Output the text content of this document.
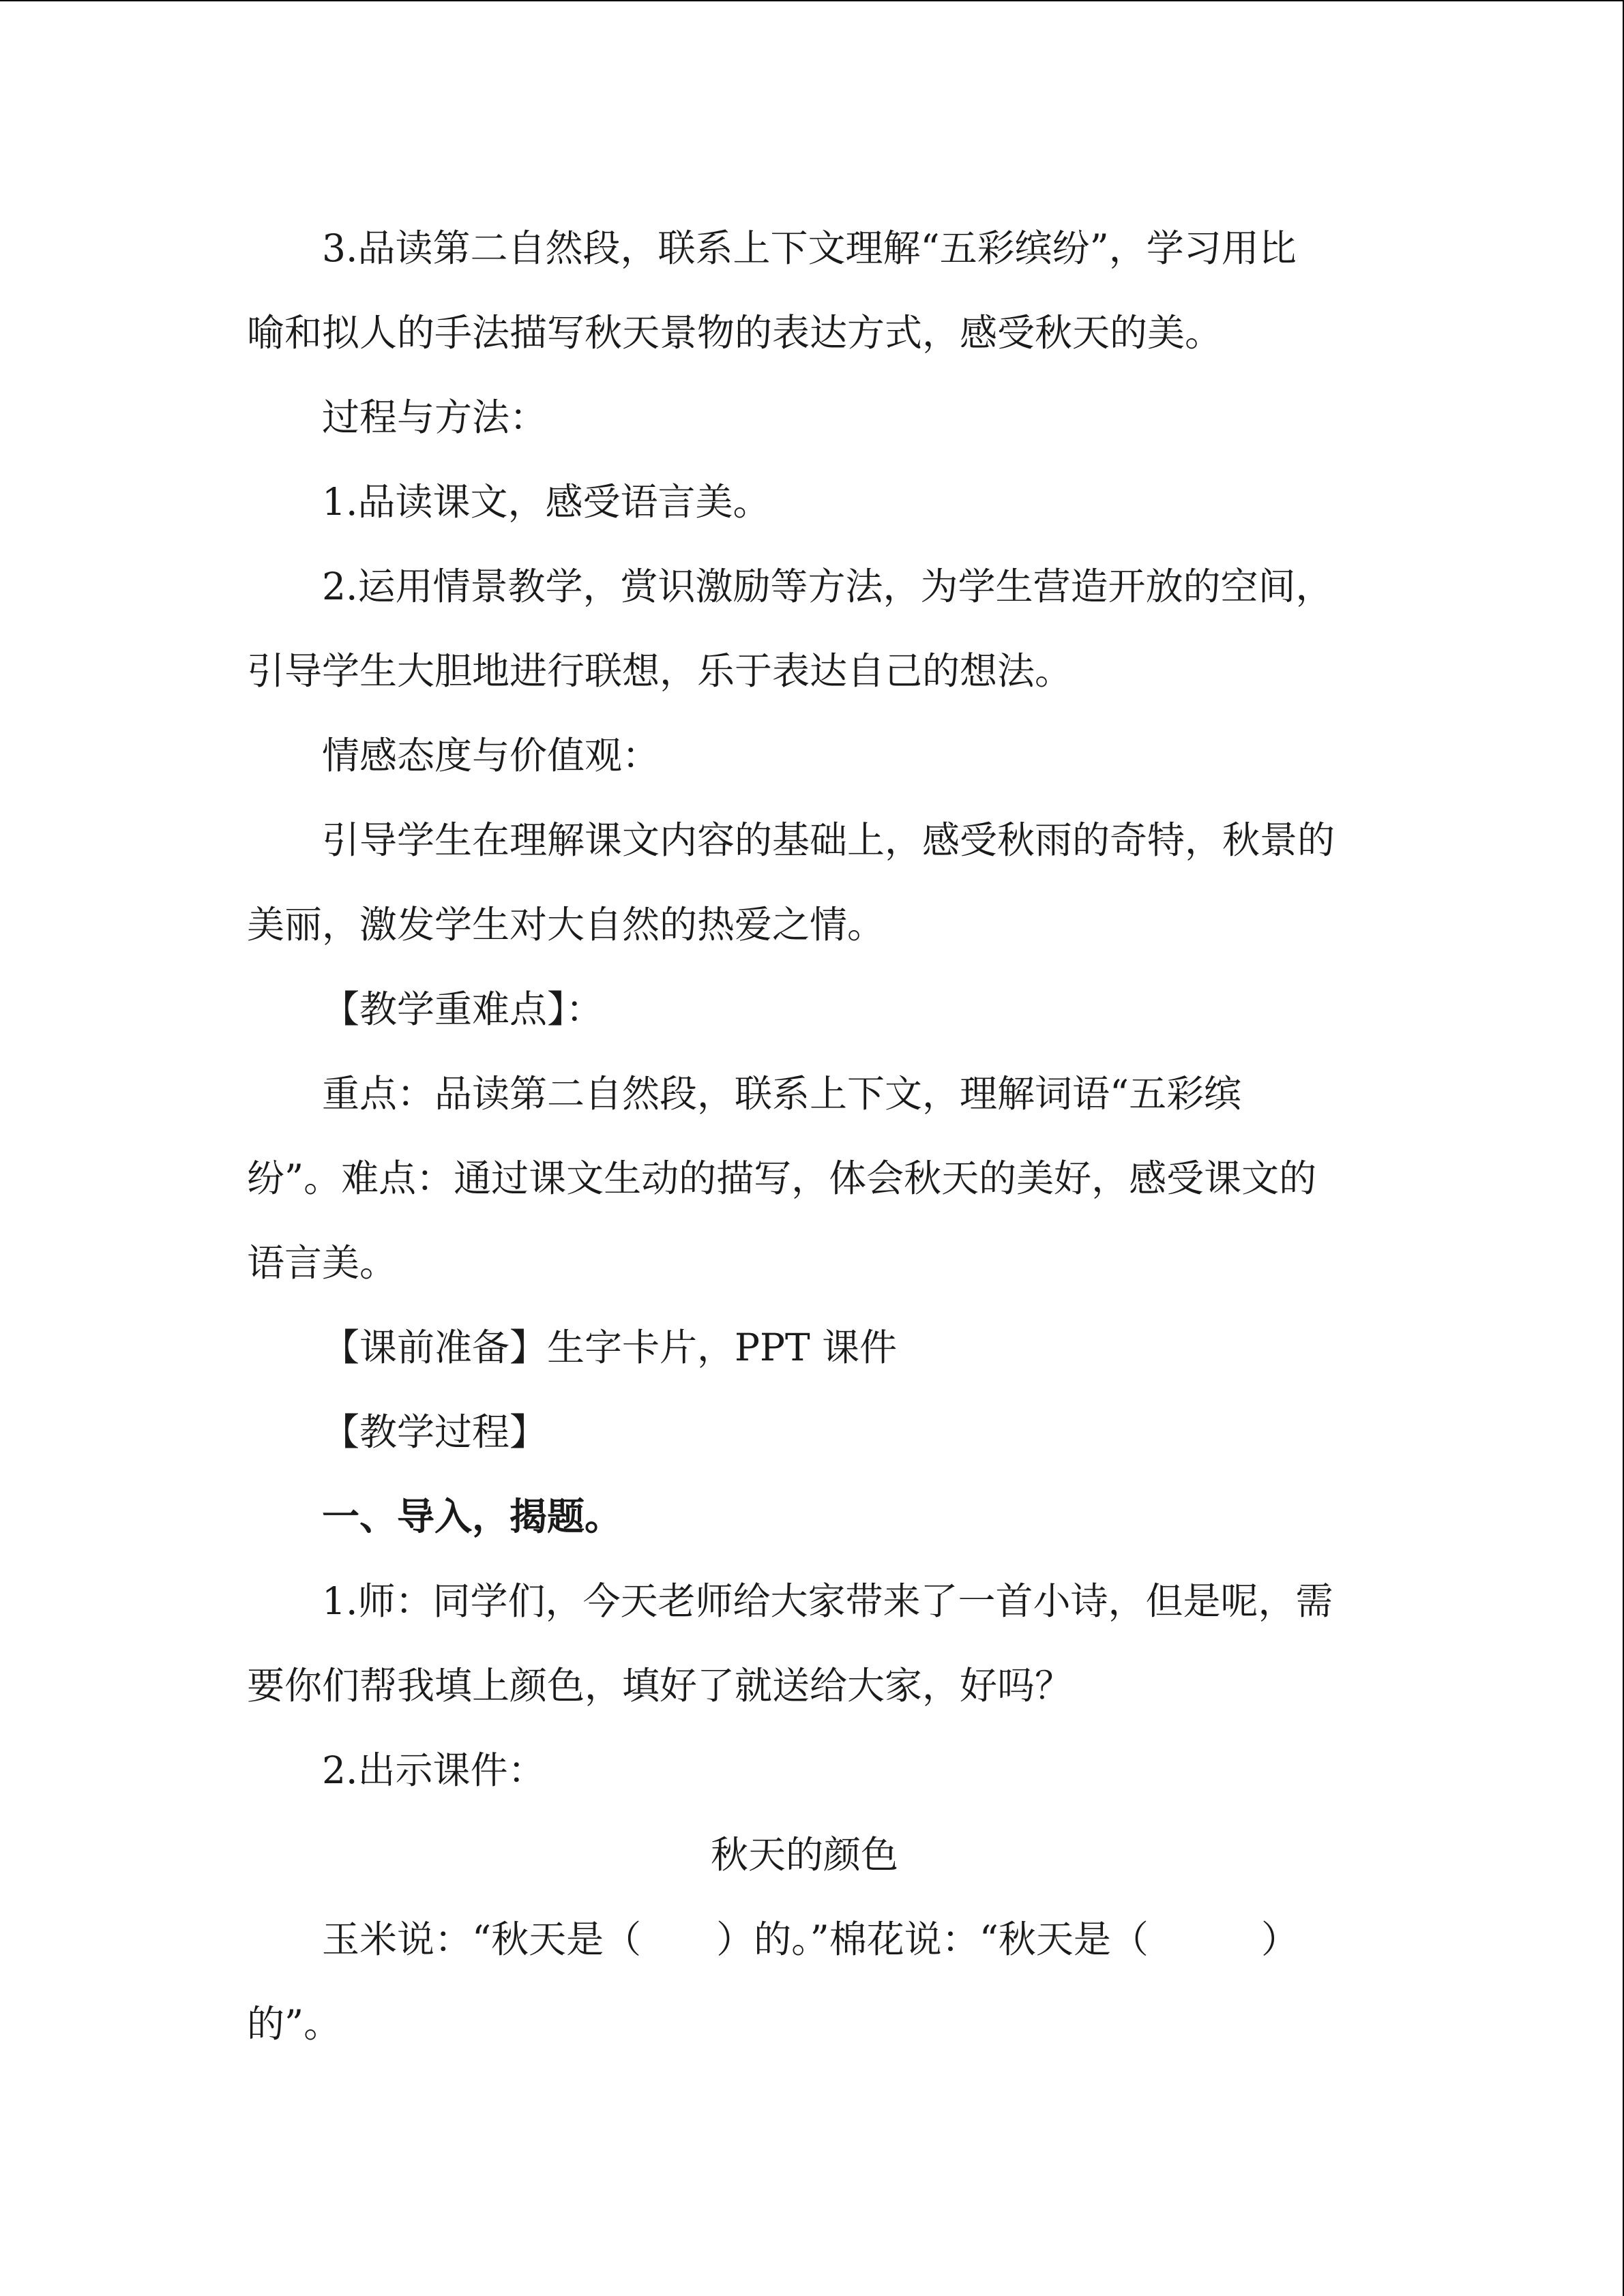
3.品读第二自然段，联系上下文理解“五彩缤纷”，学习用比

喻和拟人的手法描写秋天景物的表达方式，感受秋天的美。

过程与方法：

1.品读课文，感受语言美。

2.运用情景教学，赏识激励等方法，为学生营造开放的空间，

引导学生大胆地进行联想，乐于表达自己的想法。

情感态度与价值观：

引导学生在理解课文内容的基础上，感受秋雨的奇特，秋景的

美丽，激发学生对大自然的热爱之情。

【教学重难点】：

重点：品读第二自然段，联系上下文，理解词语“五彩缤

纷”。难点：通过课文生动的描写，体会秋天的美好，感受课文的

语言美。

【课前准备】生字卡片，PPT 课件

【教学过程】

一、导入，揭题。

1.师：同学们，今天老师给大家带来了一首小诗，但是呢，需

要你们帮我填上颜色，填好了就送给大家，好吗？

2.出示课件：

秋天的颜色

玉米说：“秋天是（　　）的。”棉花说：“秋天是（　　　）

的”。
